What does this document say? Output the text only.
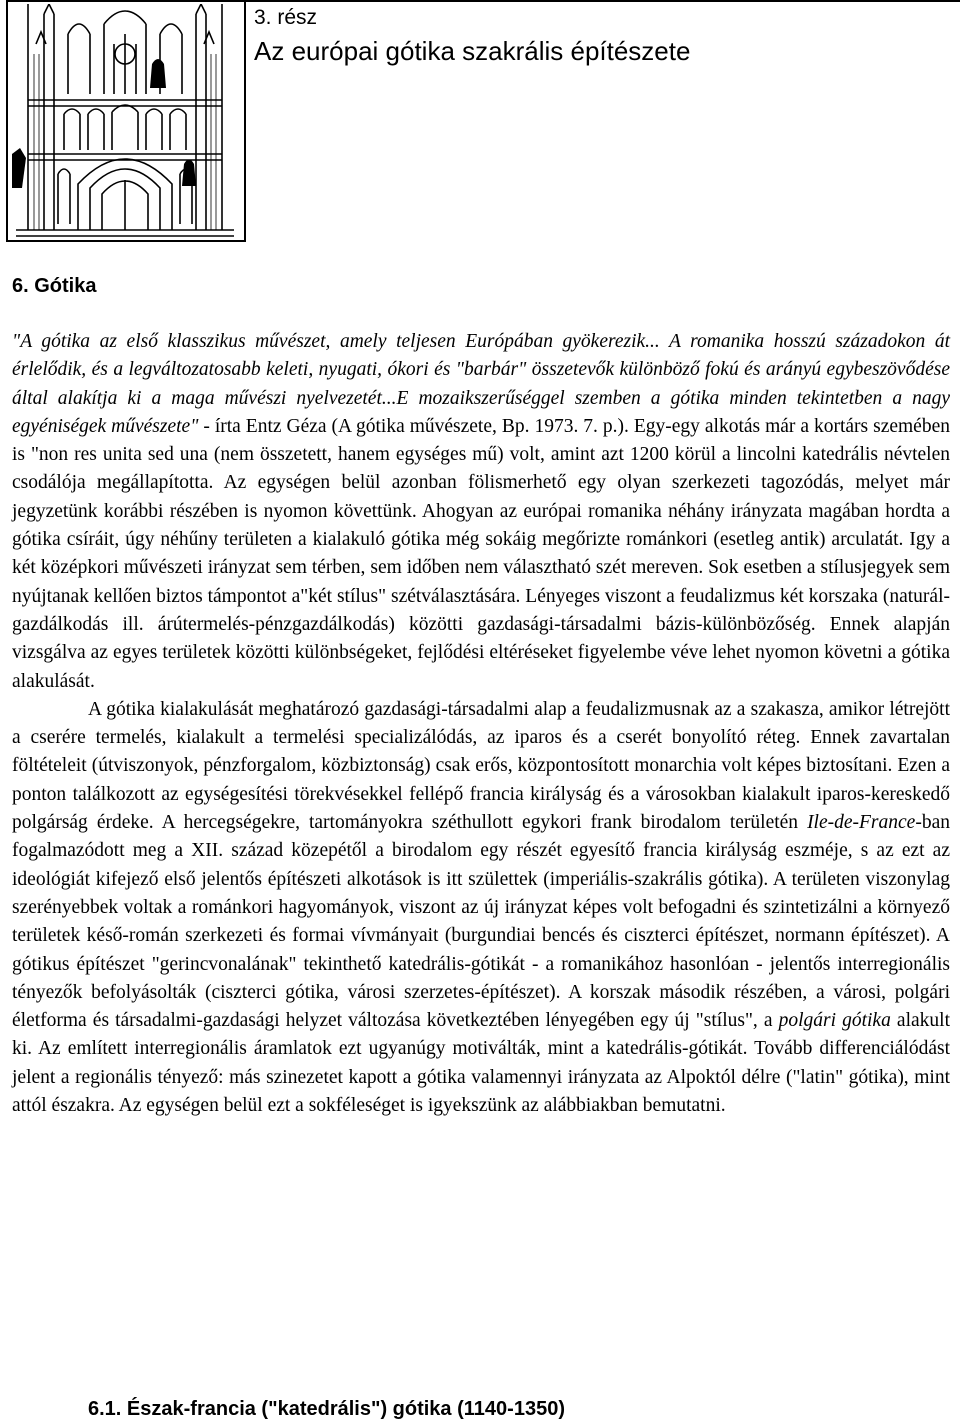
3. rész
Az európai gótika szakrális építészete
6. Gótika

"A gótika az első klasszikus művészet, amely teljesen Európában gyökerezik... A romanika hosszú századokon át érlelődik, és a legváltozatosabb keleti, nyugati, ókori és "barbár" összetevők különböző fokú és arányú egybeszövődése által alakítja ki a maga művészi nyelvezetét...E mozaikszerűséggel szemben a gótika minden tekintetben a nagy egyéniségek művészete" - írta Entz Géza (A gótika művészete, Bp. 1973. 7. p.). Egy-egy alkotás már a kortárs szemében is "non res unita sed una (nem összetett, hanem egységes mű) volt, amint azt 1200 körül a lincolni katedrális névtelen csodálója megállapította. Az egységen belül azonban fölismerhető egy olyan szerkezeti tagozódás, melyet már jegyzetünk korábbi részében is nyomon követtünk. Ahogyan az európai romanika néhány irányzata magában hordta a gótika csíráit, úgy néhűny területen a kialakuló gótika még sokáig megőrizte románkori (esetleg antik) arculatát. Igy a két középkori művészeti irányzat sem térben, sem időben nem választható szét mereven. Sok esetben a stílusjegyek sem nyújtanak kellően biztos támpontot a"két stílus" szétválasztására. Lényeges viszont a feudalizmus két korszaka (naturál-gazdálkodás ill. árútermelés-pénzgazdálkodás) közötti gazdasági-társadalmi bázis-különbözőség. Ennek alapján vizsgálva az egyes területek közötti különbségeket, fejlődési eltéréseket figyelembe véve lehet nyomon követni a gótika alakulását.

A gótika kialakulását meghatározó gazdasági-társadalmi alap a feudalizmusnak az a szakasza, amikor létrejött a cserére termelés, kialakult a termelési specializálódás, az iparos és a cserét bonyolító réteg. Ennek zavartalan föltételeit (útviszonyok, pénzforgalom, közbiztonság) csak erős, központosított monarchia volt képes biztosítani. Ezen a ponton találkozott az egységesítési törekvésekkel fellépő francia királyság és a városokban kialakult iparos-kereskedő polgárság érdeke. A hercegségekre, tartományokra széthullott egykori frank birodalom területén Ile-de-France-ban fogalmazódott meg a XII. század közepétől a birodalom egy részét egyesítő francia királyság eszméje, s az ezt az ideológiát kifejező első jelentős építészeti alkotások is itt születtek (imperiális-szakrális gótika). A területen viszonylag szerényebbek voltak a románkori hagyományok, viszont az új irányzat képes volt befogadni és szintetizálni a környező területek késő-román szerkezeti és formai vívmányait (burgundiai bencés és ciszterci építészet, normann építészet). A gótikus építészet "gerincvonalának" tekinthető katedrális-gótikát - a romanikához hasonlóan - jelentős interregionális tényezők befolyásolták (ciszterci gótika, városi szerzetes-építészet). A korszak második részében, a városi, polgári életforma és társadalmi-gazdasági helyzet változása következtében lényegében egy új "stílus", a polgári gótika alakult ki. Az említett interregionális áramlatok ezt ugyanúgy motiválták, mint a katedrális-gótikát. Tovább differenciálódást jelent a regionális tényező: más szinezetet kapott a gótika valamennyi irányzata az Alpoktól délre ("latin" gótika), mint attól északra. Az egységen belül ezt a sokféleséget is igyekszünk az alábbiakban bemutatni.

6.1. Észak-francia ("katedrális") gótika (1140-1350)
